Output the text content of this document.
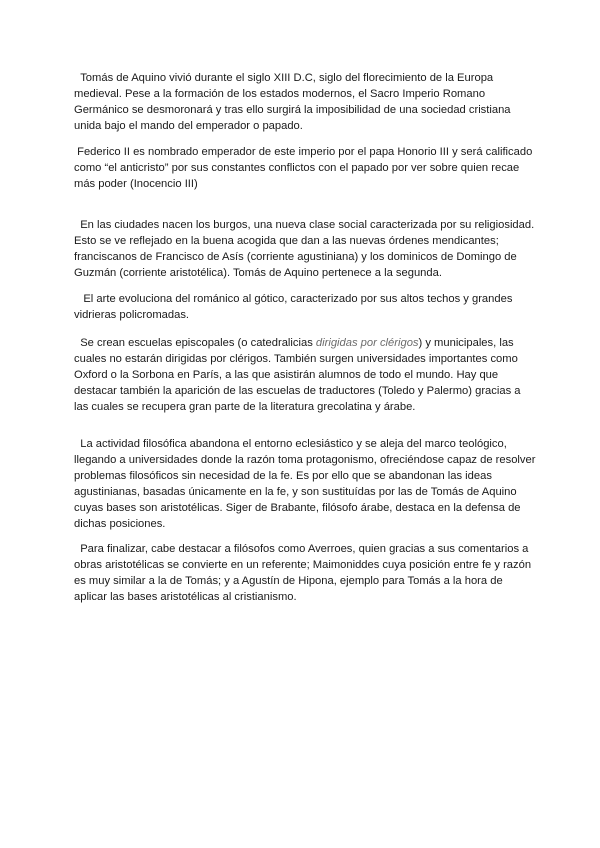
Tomás de Aquino vivió durante el siglo XIII D.C, siglo del florecimiento de la Europa medieval. Pese a la formación de los estados modernos, el Sacro Imperio Romano Germánico se desmoronará y tras ello surgirá la imposibilidad de una sociedad cristiana unida bajo el mando del emperador o papado.

Federico II es nombrado emperador de este imperio por el papa Honorio III y será calificado como “el anticristo” por sus constantes conflictos con el papado por ver sobre quien recae más poder (Inocencio III)

En las ciudades nacen los burgos, una nueva clase social caracterizada por su religiosidad. Esto se ve reflejado en la buena acogida que dan a las nuevas órdenes mendicantes; franciscanos de Francisco de Asís (corriente agustiniana) y los dominicos de Domingo de Guzmán (corriente aristotélica). Tomás de Aquino pertenece a la segunda.

El arte evoluciona del románico al gótico, caracterizado por sus altos techos y grandes vidrieras policromadas.

Se crean escuelas episcopales (o catedralicias dirigidas por clérigos) y municipales, las cuales no estarán dirigidas por clérigos. También surgen universidades importantes como Oxford o la Sorbona en París, a las que asistirán alumnos de todo el mundo. Hay que destacar también la aparición de las escuelas de traductores (Toledo y Palermo) gracias a las cuales se recupera gran parte de la literatura grecolatina y árabe.

La actividad filosófica abandona el entorno eclesiástico y se aleja del marco teológico, llegando a universidades donde la razón toma protagonismo, ofreciéndose capaz de resolver problemas filosóficos sin necesidad de la fe. Es por ello que se abandonan las ideas agustinianas, basadas únicamente en la fe, y son sustituídas por las de Tomás de Aquino cuyas bases son aristotélicas. Siger de Brabante, filósofo árabe, destaca en la defensa de dichas posiciones.

Para finalizar, cabe destacar a filósofos como Averroes, quien gracias a sus comentarios a obras aristotélicas se convierte en un referente; Maimoniddes cuya posición entre fe y razón es muy similar a la de Tomás; y a Agustín de Hipona, ejemplo para Tomás a la hora de aplicar las bases aristotélicas al cristianismo.
